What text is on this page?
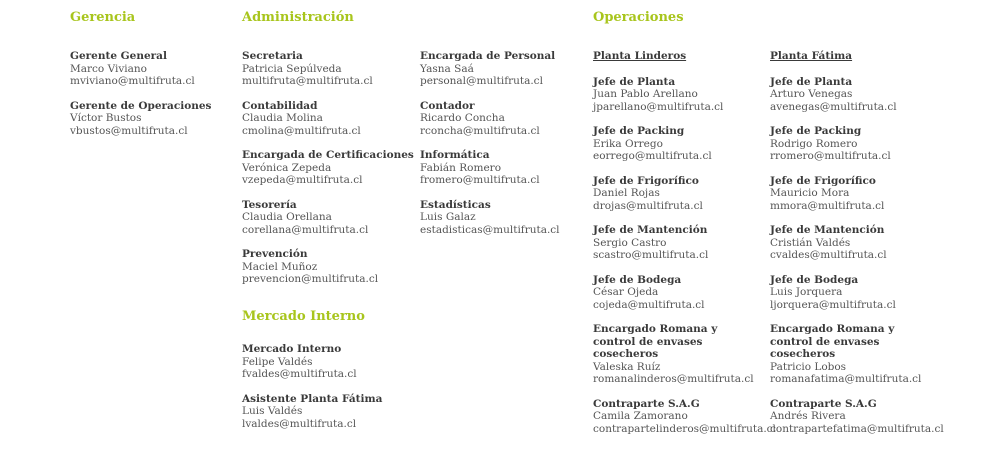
Gerencia	Administración	Operaciones
Mercado Interno
Gerente General
Marco Viviano
mviviano@multifruta.cl
Gerente de Operaciones
Víctor Bustos
vbustos@multifruta.cl
Secretaria
Patricia Sepúlveda
multifruta@multifruta.cl
Contabilidad
Claudia Molina
cmolina@multifruta.cl
Encargada de Certificaciones
Verónica Zepeda
vzepeda@multifruta.cl
Tesorería
Claudia Orellana
corellana@multifruta.cl
Prevención
Maciel Muñoz
prevencion@multifruta.cl
Encargada de Personal
Yasna Saá
personal@multifruta.cl
Contador
Ricardo Concha
rconcha@multifruta.cl
Informática
Fabián Romero
fromero@multifruta.cl
Estadísticas
Luis Galaz
estadisticas@multifruta.cl
Mercado Interno
Felipe Valdés
fvaldes@multifruta.cl
Asistente Planta Fátima
Luis Valdés
lvaldes@multifruta.cl
Planta Linderos
Jefe de Planta
Juan Pablo Arellano
jparellano@multifruta.cl
Jefe de Packing
Erika Orrego
eorrego@multifruta.cl
Jefe de Frigorífico
Daniel Rojas
drojas@multifruta.cl
Jefe de Mantención
Sergio Castro
scastro@multifruta.cl
Jefe de Bodega
César Ojeda
cojeda@multifruta.cl
Encargado Romana y control de envases cosecheros
Valeska Ruíz
romanalinderos@multifruta.cl
Contraparte S.A.G
Camila Zamorano
contrapartelinderos@multifruta.cl
Planta Fátima
Jefe de Planta
Arturo Venegas
avenegas@multifruta.cl
Jefe de Packing
Rodrigo Romero
rromero@multifruta.cl
Jefe de Frigorífico
Mauricio Mora
mmora@multifruta.cl
Jefe de Mantención
Cristián Valdés
cvaldes@multifruta.cl
Jefe de Bodega
Luis Jorquera
ljorquera@multifruta.cl
Encargado Romana y control de envases cosecheros
Patricio Lobos
romanafatima@multifruta.cl
Contraparte S.A.G
Andrés Rivera
contrapartefatima@multifruta.cl
